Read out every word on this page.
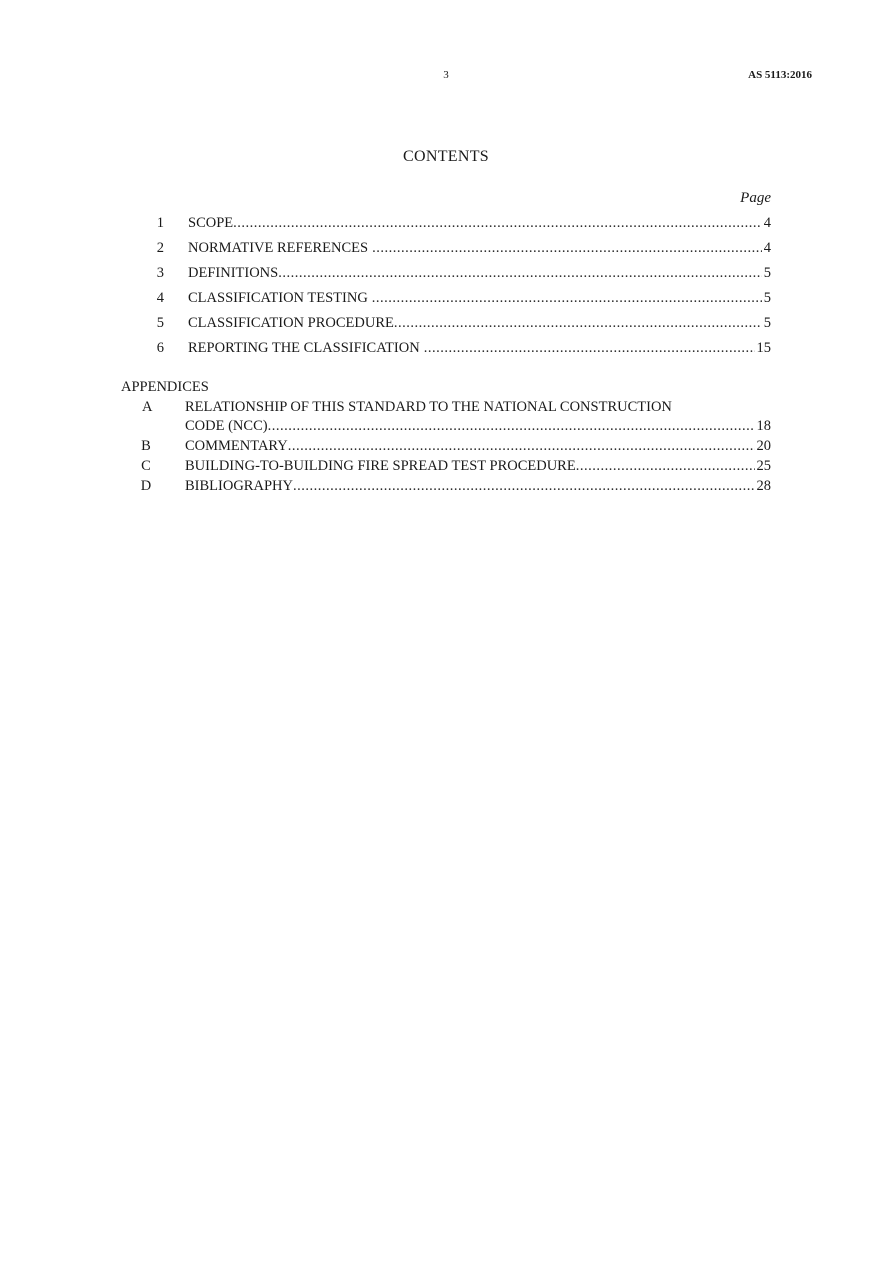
3	AS 5113:2016
CONTENTS
Page
1 SCOPE .....	4
2 NORMATIVE REFERENCES .....	4
3 DEFINITIONS .....	5
4 CLASSIFICATION TESTING .....	5
5 CLASSIFICATION PROCEDURE .....	5
6 REPORTING THE CLASSIFICATION .....	15
APPENDICES
A RELATIONSHIP OF THIS STANDARD TO THE NATIONAL CONSTRUCTION
CODE (NCC) .....	18
B COMMENTARY .....	20
C BUILDING-TO-BUILDING FIRE SPREAD TEST PROCEDURE .....	25
D BIBLIOGRAPHY .....	28
